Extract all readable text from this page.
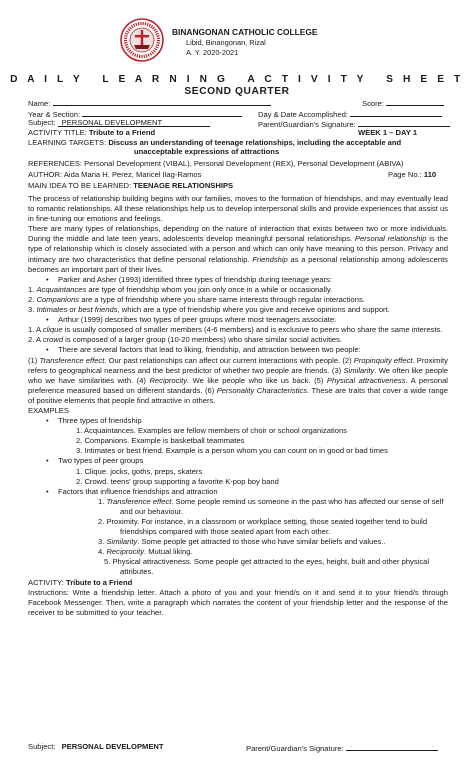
BINANGONAN CATHOLIC COLLEGE
Libid, Binangonan, Rizal
A. Y. 2020-2021
D A I L Y   L E A R N I N G   A C T I V I T Y   S H E E T
SECOND QUARTER
Name:	Score:
Year & Section:	Day & Date Accomplished:
Subject: PERSONAL DEVELOPMENT	Parent/Guardian's Signature:
ACTIVITY TITLE: Tribute to a Friend	WEEK 1 – DAY 1
LEARNING TARGETS: Discuss an understanding of teenage relationships, including the acceptable and
unacceptable expressions of attractions
REFERENCES: Personal Development (VIBAL), Personal Development (REX), Personal Development (ABIVA)
AUTHOR: Aida Maria H. Perez, Maricel Ilag-Ramos	Page No.: 110
MAIN IDEA TO BE LEARNED: TEENAGE RELATIONSHIPS

The process of relationship building begins with our families, moves to the formation of friendships, and may eventually lead to romantic relationships. All these relationships help us to develop interpersonal skills and provide experiences that assist us in fine-tuning our emotions and feelings.

There are many types of relationships, depending on the nature of interaction that exists between two or more individuals. During the middle and late teen years, adolescents develop meaningful personal relationships. Personal relationship is the type of relationship which is closely associated with a person and which can only have meaning to this person. Privacy and intimacy are two characteristics that define personal relationship. Friendship as a personal relationship among adolescents becomes an important part of their lives.

• Parker and Asher (1993) identified three types of friendship during teenage years:

1. Acquaintances are type of friendship whom you join only once in a while or occasionally.

2. Companions are a type of friendship where you share same interests through regular interactions.

3. Intimates or best friends, which are a type of friendship where you give and receive opinions and support.

• Arthur (1999) describes two types of peer groups where most teenagers associate:

1. A clique is usually composed of smaller members (4-6 members) and is exclusive to peers who share the same interests.

2. A crowd is composed of a larger group (10-20 members) who share similar social activities.

• There are several factors that lead to liking, friendship, and attraction between two people:

(1) Transference effect. Our past relationships can affect our current interactions with people. (2) Propinquity effect. Proximity refers to geographical nearness and the best predictor of whether two people are friends. (3) Similarity. We often like people who we have similarities with. (4) Reciprocity. We like people who like us back. (5) Physical attractiveness. A personal preference measured based on different standards. (6) Personality Characteristics. These are traits that cover a wide range of positive elements that people find attractive in others.

EXAMPLES

• Three types of friendship

1. Acquaintances. Examples are fellow members of choir or school organizations

2. Companions. Example is basketball teammates

3. Intimates or best friend. Example is a person whom you can count on in good or bad times

• Two types of peer groups

1. Clique. jocks, goths, preps, skaters

2. Crowd. teens' group supporting a favorite K-pop boy band

• Factors that influence friendships and attraction

1. Transference effect. Some people remind us someone in the past who has affected our sense of self

and our behaviour.

2. Proximity. For instance, in a classroom or workplace setting, those seated together tend to build

friendships compared with those seated apart from each other.

3. Similarity. Some people get attracted to those who have similar beliefs and values..

4. Reciprocity. Mutual liking.

5. Physical attractiveness. Some people get attracted to the eyes, height, built and other physical

attributes.

ACTIVITY: Tribute to a Friend

Instructions: Write a friendship letter. Attach a photo of you and your friend/s on it and send it to your friend/s through Facebook Messenger. Then, write a paragraph which narrates the content of your friendship letter and the response of the receiver to be submitted to your teacher.

Subject: PERSONAL DEVELOPMENT	Parent/Guardian's Signature:
